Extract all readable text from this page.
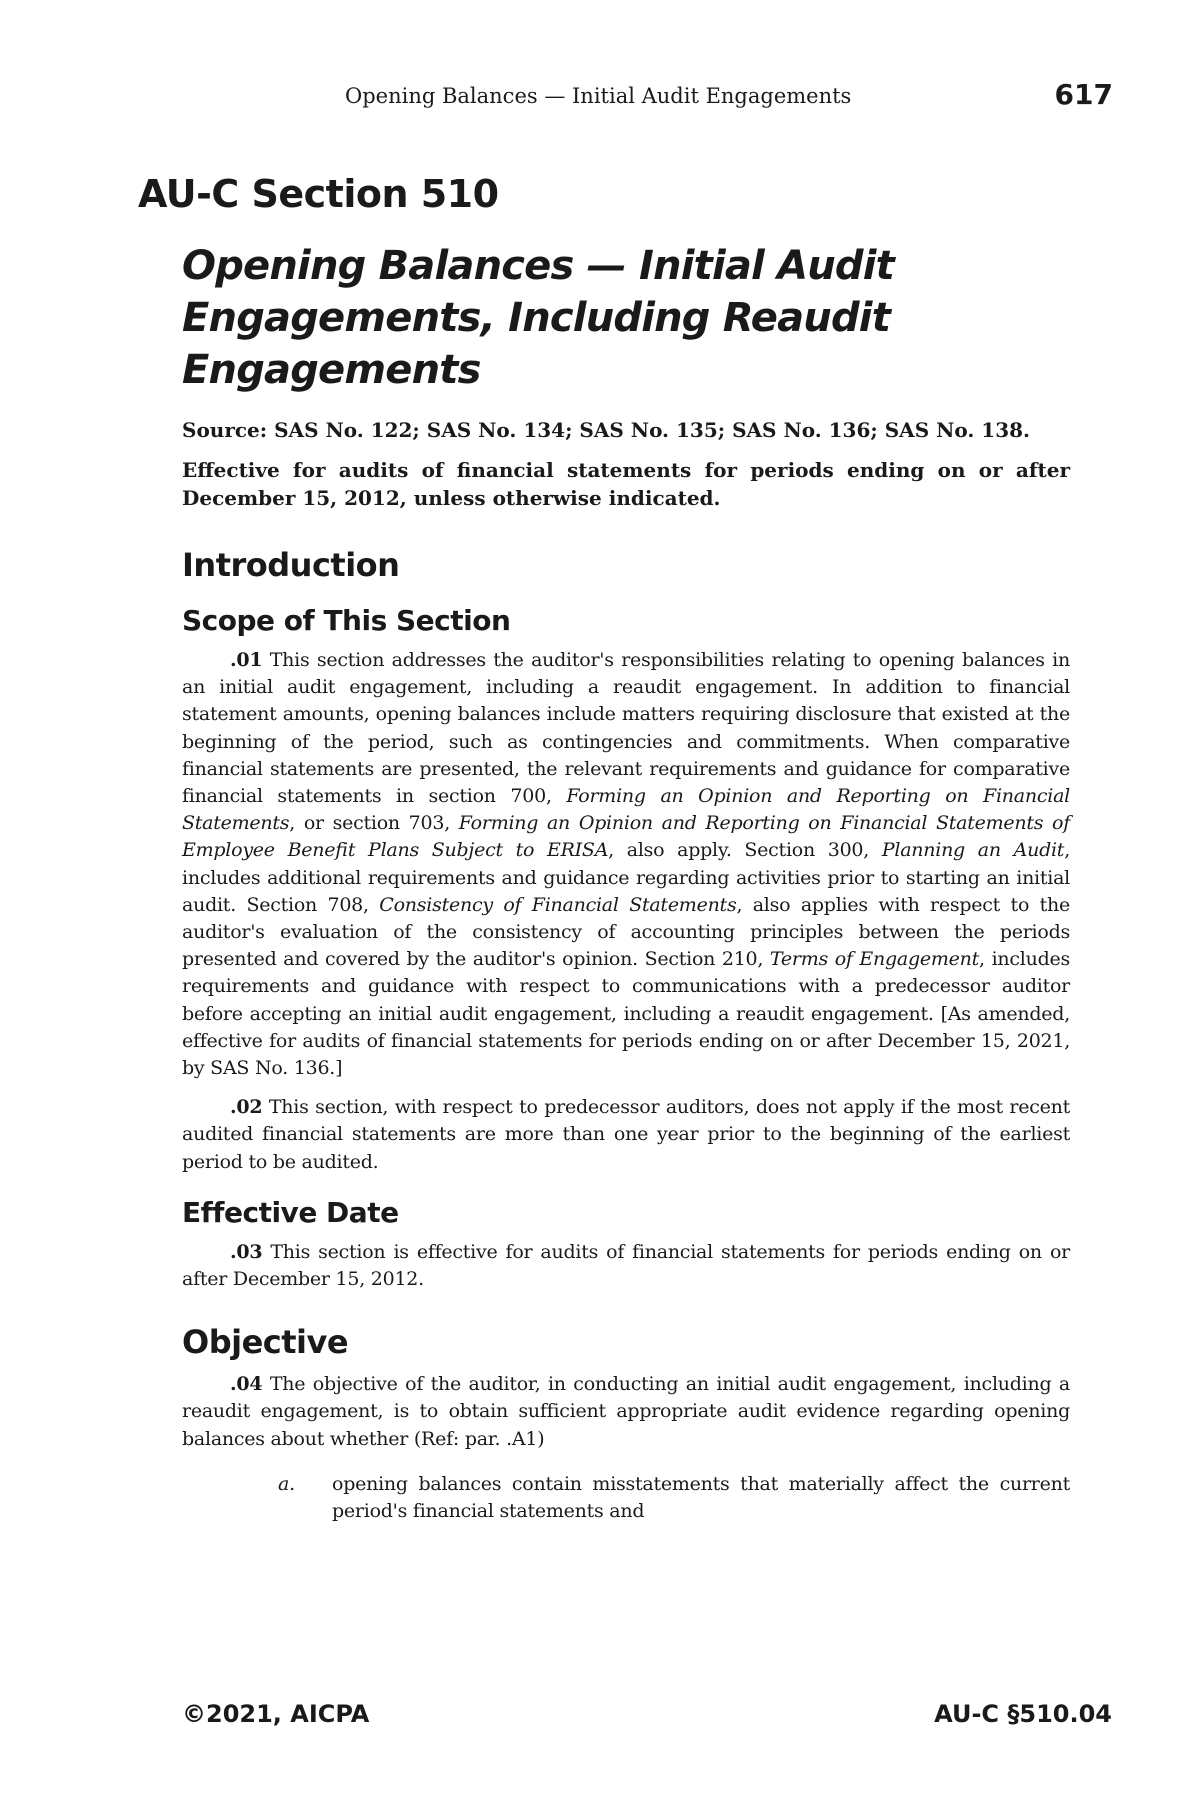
Opening Balances — Initial Audit Engagements	617
AU-C Section 510
Opening Balances — Initial Audit Engagements, Including Reaudit Engagements

Source: SAS No. 122; SAS No. 134; SAS No. 135; SAS No. 136; SAS No. 138.

Effective for audits of financial statements for periods ending on or after December 15, 2012, unless otherwise indicated.

Introduction
Scope of This Section

.01 This section addresses the auditor's responsibilities relating to opening balances in an initial audit engagement, including a reaudit engagement. In addition to financial statement amounts, opening balances include matters requiring disclosure that existed at the beginning of the period, such as contingencies and commitments. When comparative financial statements are presented, the relevant requirements and guidance for comparative financial statements in section 700, Forming an Opinion and Reporting on Financial Statements, or section 703, Forming an Opinion and Reporting on Financial Statements of Employee Benefit Plans Subject to ERISA, also apply. Section 300, Planning an Audit, includes additional requirements and guidance regarding activities prior to starting an initial audit. Section 708, Consistency of Financial Statements, also applies with respect to the auditor's evaluation of the consistency of accounting principles between the periods presented and covered by the auditor's opinion. Section 210, Terms of Engagement, includes requirements and guidance with respect to communications with a predecessor auditor before accepting an initial audit engagement, including a reaudit engagement. [As amended, effective for audits of financial statements for periods ending on or after December 15, 2021, by SAS No. 136.]

.02 This section, with respect to predecessor auditors, does not apply if the most recent audited financial statements are more than one year prior to the beginning of the earliest period to be audited.

Effective Date

.03 This section is effective for audits of financial statements for periods ending on or after December 15, 2012.

Objective

.04 The objective of the auditor, in conducting an initial audit engagement, including a reaudit engagement, is to obtain sufficient appropriate audit evidence regarding opening balances about whether (Ref: par. .A1)

a. opening balances contain misstatements that materially affect the current period's financial statements and
©2021, AICPA	AU-C §510.04
